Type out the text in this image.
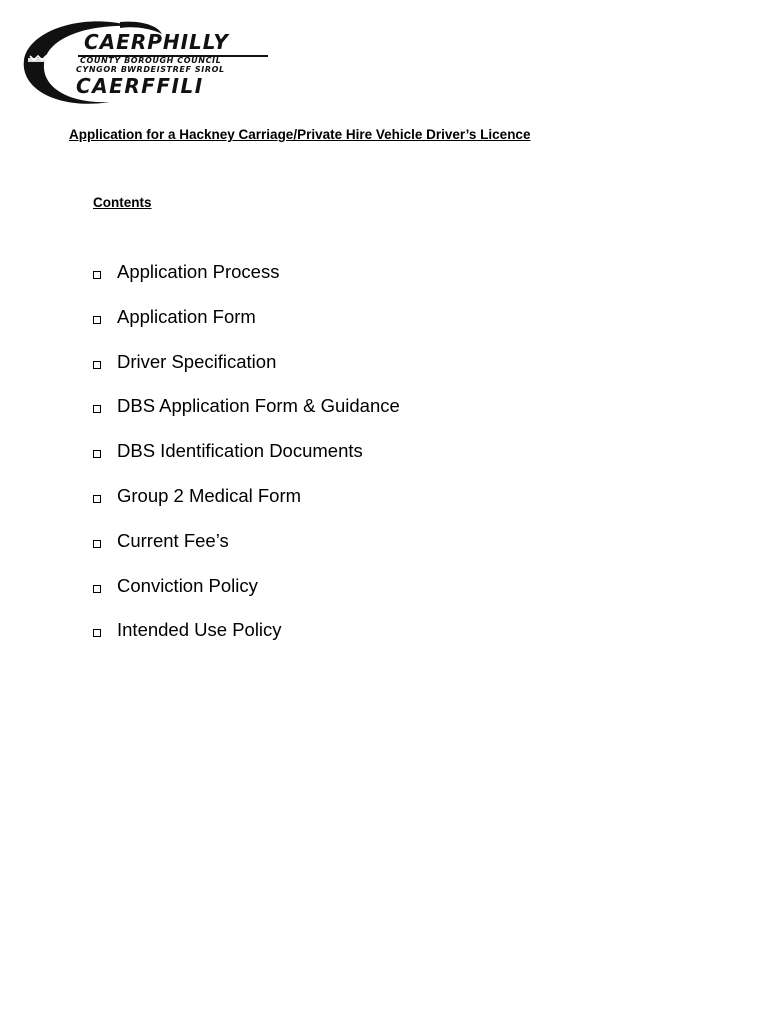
CAERPHILLY
COUNTY BOROUGH COUNCIL
CYNGOR BWRDEISTREF SIROL
CAERFFILI
Application for a Hackney Carriage/Private Hire Vehicle Driver’s Licence
Contents
Application Process
Application Form
Driver Specification
DBS Application Form & Guidance
DBS Identification Documents
Group 2 Medical Form
Current Fee’s
Conviction Policy
Intended Use Policy
